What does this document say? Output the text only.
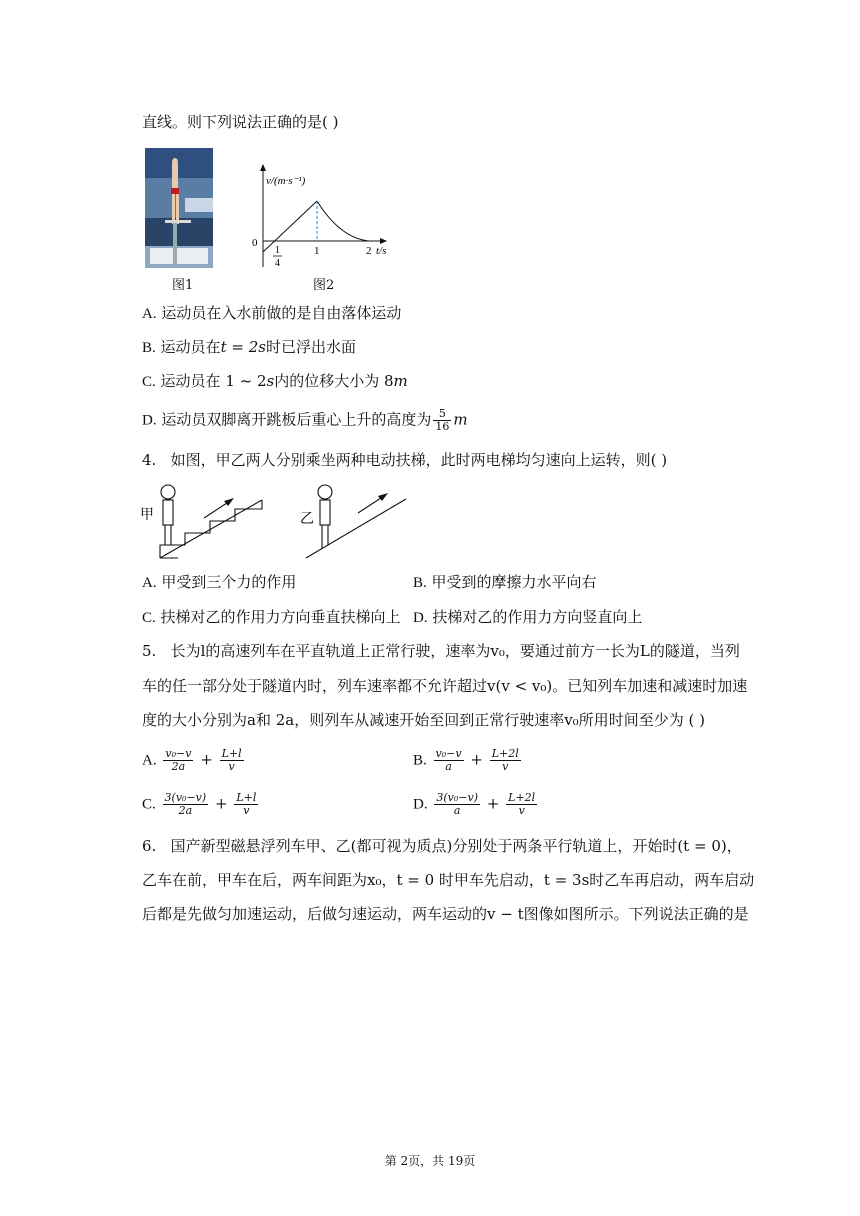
直线。则下列说法正确的是( )
图1
v/(m·s⁻¹)
0
1
4
1	2 t/s
图2
A. 运动员在入水前做的是自由落体运动
B. 运动员在t = 2s时已浮出水面
C. 运动员在 1 ~ 2s内的位移大小为 8m
D. 运动员双脚离开跳板后重心上升的高度为 $\frac{5}{16}$ m
4. 如图，甲乙两人分别乘坐两种电动扶梯，此时两电梯均匀速向上运转，则( )
甲	乙
A. 甲受到三个力的作用	B. 甲受到的摩擦力水平向右
C. 扶梯对乙的作用力方向垂直扶梯向上 D. 扶梯对乙的作用力方向竖直向上
5. 长为l的高速列车在平直轨道上正常行驶，速率为v₀，要通过前方一长为L的隧道，当列
车的任一部分处于隧道内时，列车速率都不允许超过v(v < v₀)。已知列车加速和减速时加速
度的大小分别为a和 2a，则列车从减速开始至回到正常行驶速率v₀所用时间至少为 ( )
A. $\frac{\text{v₀−v}}{2a} + \frac{L+l}{v}$	B. $\frac{\text{v₀−v}}{a} + \frac{L+2l}{v}$
C. $\frac{\text{3(v₀−v)}}{2a} + \frac{L+l}{v}$	D. $\frac{\text{3(v₀−v)}}{a} + \frac{L+2l}{v}$
6. 国产新型磁悬浮列车甲、乙(都可视为质点)分别处于两条平行轨道上，开始时(t = 0)，
乙车在前，甲车在后，两车间距为x₀，t = 0 时甲车先启动，t = 3s时乙车再启动，两车启动
后都是先做匀加速运动，后做匀速运动，两车运动的v − t图像如图所示。下列说法正确的是
第 2页，共 19页
